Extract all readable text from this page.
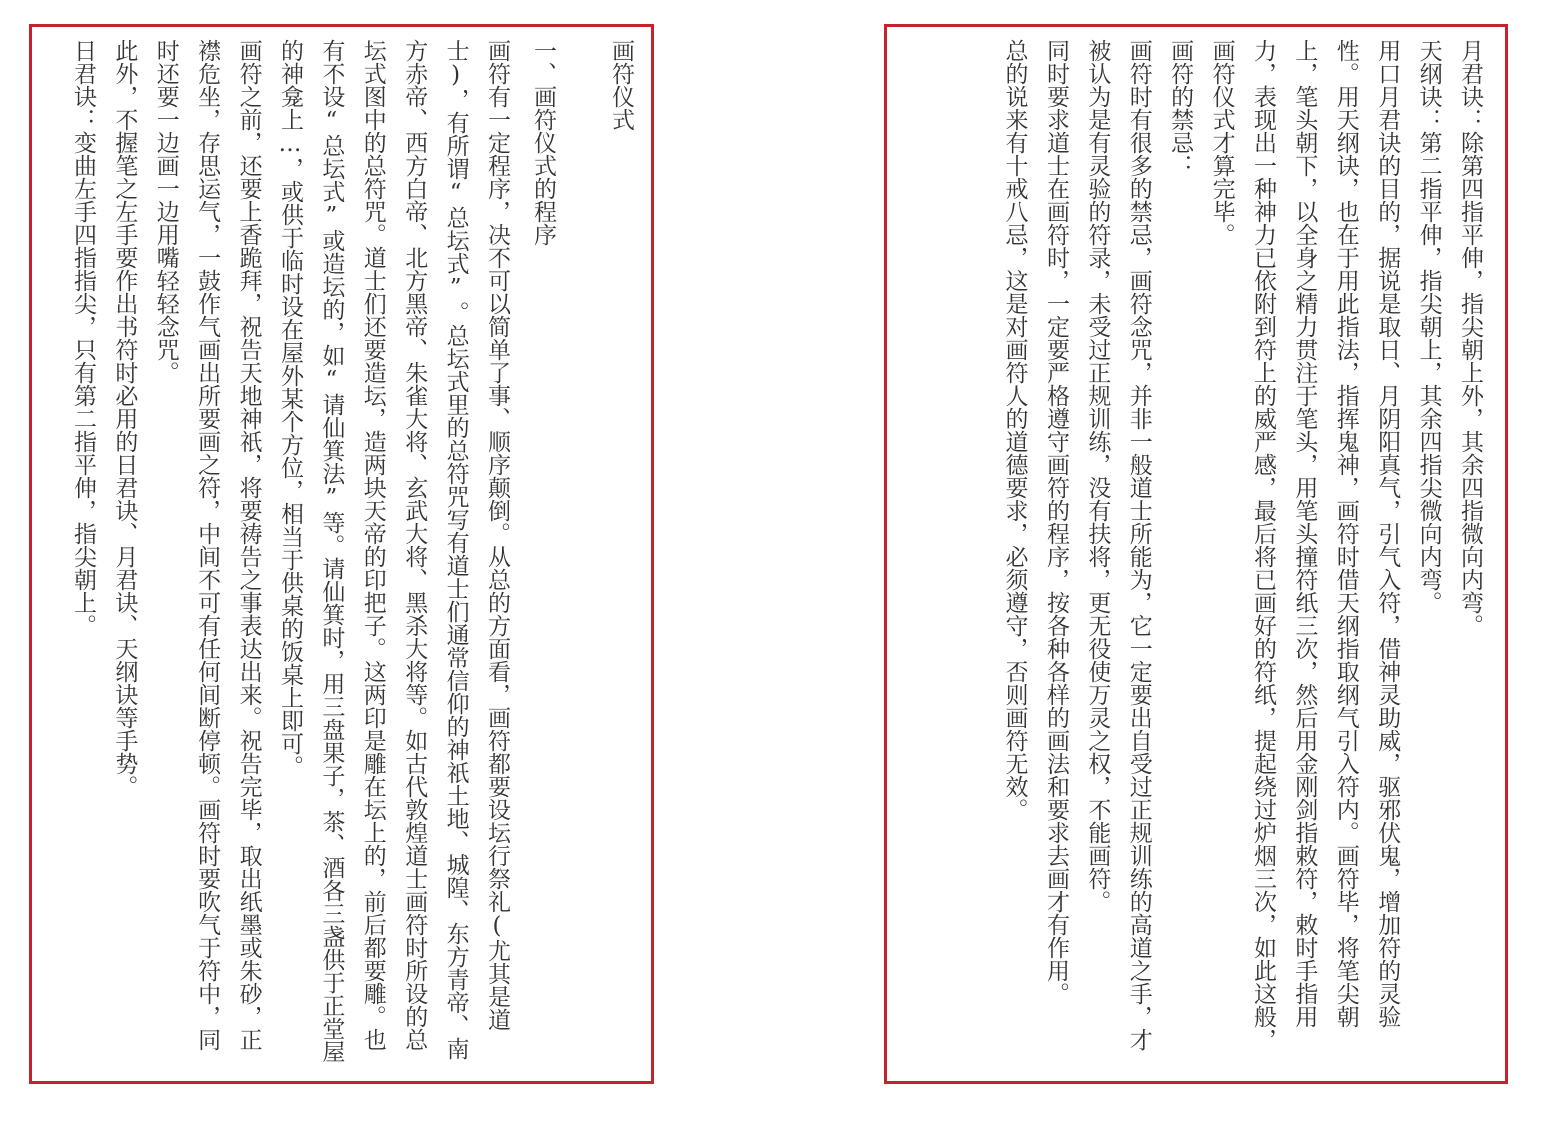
画符仪式
一、画符仪式的程序

画符有一定程序，决不可以简单了事、顺序颠倒。从总的方面看，画符都要设坛行祭礼(尤其是道士)，有所谓“总坛式”。总坛式里的总符咒写有道士们通常信仰的神祇土地、城隍、东方青帝、南方赤帝、西方白帝、北方黑帝、朱雀大将、玄武大将、黑杀大将等。如古代敦煌道士画符时所设的总坛式图中的总符咒。道士们还要造坛，造两块天帝的印把子。这两印是雕在坛上的，前后都要雕。也有不设“总坛式”或造坛的，如“请仙箕法”等。请仙箕时，用三盘果子，茶、酒各三盏供于正堂屋的神龛上…，或供于临时设在屋外某个方位，相当于供桌的饭桌上即可。

画符之前，还要上香跪拜，祝告天地神祇，将要祷告之事表达出来。祝告完毕，取出纸墨或朱砂，正襟危坐，存思运气，一鼓作气画出所要画之符，中间不可有任何间断停顿。画符时要吹气于符中，同时还要一边画一边用嘴轻轻念咒。

此外，不握笔之左手要作出书符时必用的日君诀、月君诀、天纲诀等手势。

日君诀：变曲左手四指指尖，只有第二指平伸，指尖朝上。	月君诀：除第四指平伸，指尖朝上外，其余四指微向内弯。

天纲诀：第二指平伸，指尖朝上，其余四指尖微向内弯。

用口月君诀的目的，据说是取日、月阴阳真气，引气入符，借神灵助威，驱邪伏鬼，增加符的灵验性。用天纲诀，也在于用此指法，指挥鬼神，画符时借天纲指取纲气引入符内。画符毕，将笔尖朝上，笔头朝下，以全身之精力贯注于笔头，用笔头撞符纸三次，然后用金刚剑指敕符，敕时手指用力，表现出一种神力已依附到符上的威严感，最后将已画好的符纸，提起绕过炉烟三次，如此这般，画符仪式才算完毕。

画符的禁忌：

画符时有很多的禁忌，画符念咒，并非一般道士所能为，它一定要出自受过正规训练的高道之手，才被认为是有灵验的符录，未受过正规训练，没有扶将，更无役使万灵之权，不能画符。

同时要求道士在画符时，一定要严格遵守画符的程序，按各种各样的画法和要求去画才有作用。

总的说来有十戒八忌，这是对画符人的道德要求，必须遵守，否则画符无效。
